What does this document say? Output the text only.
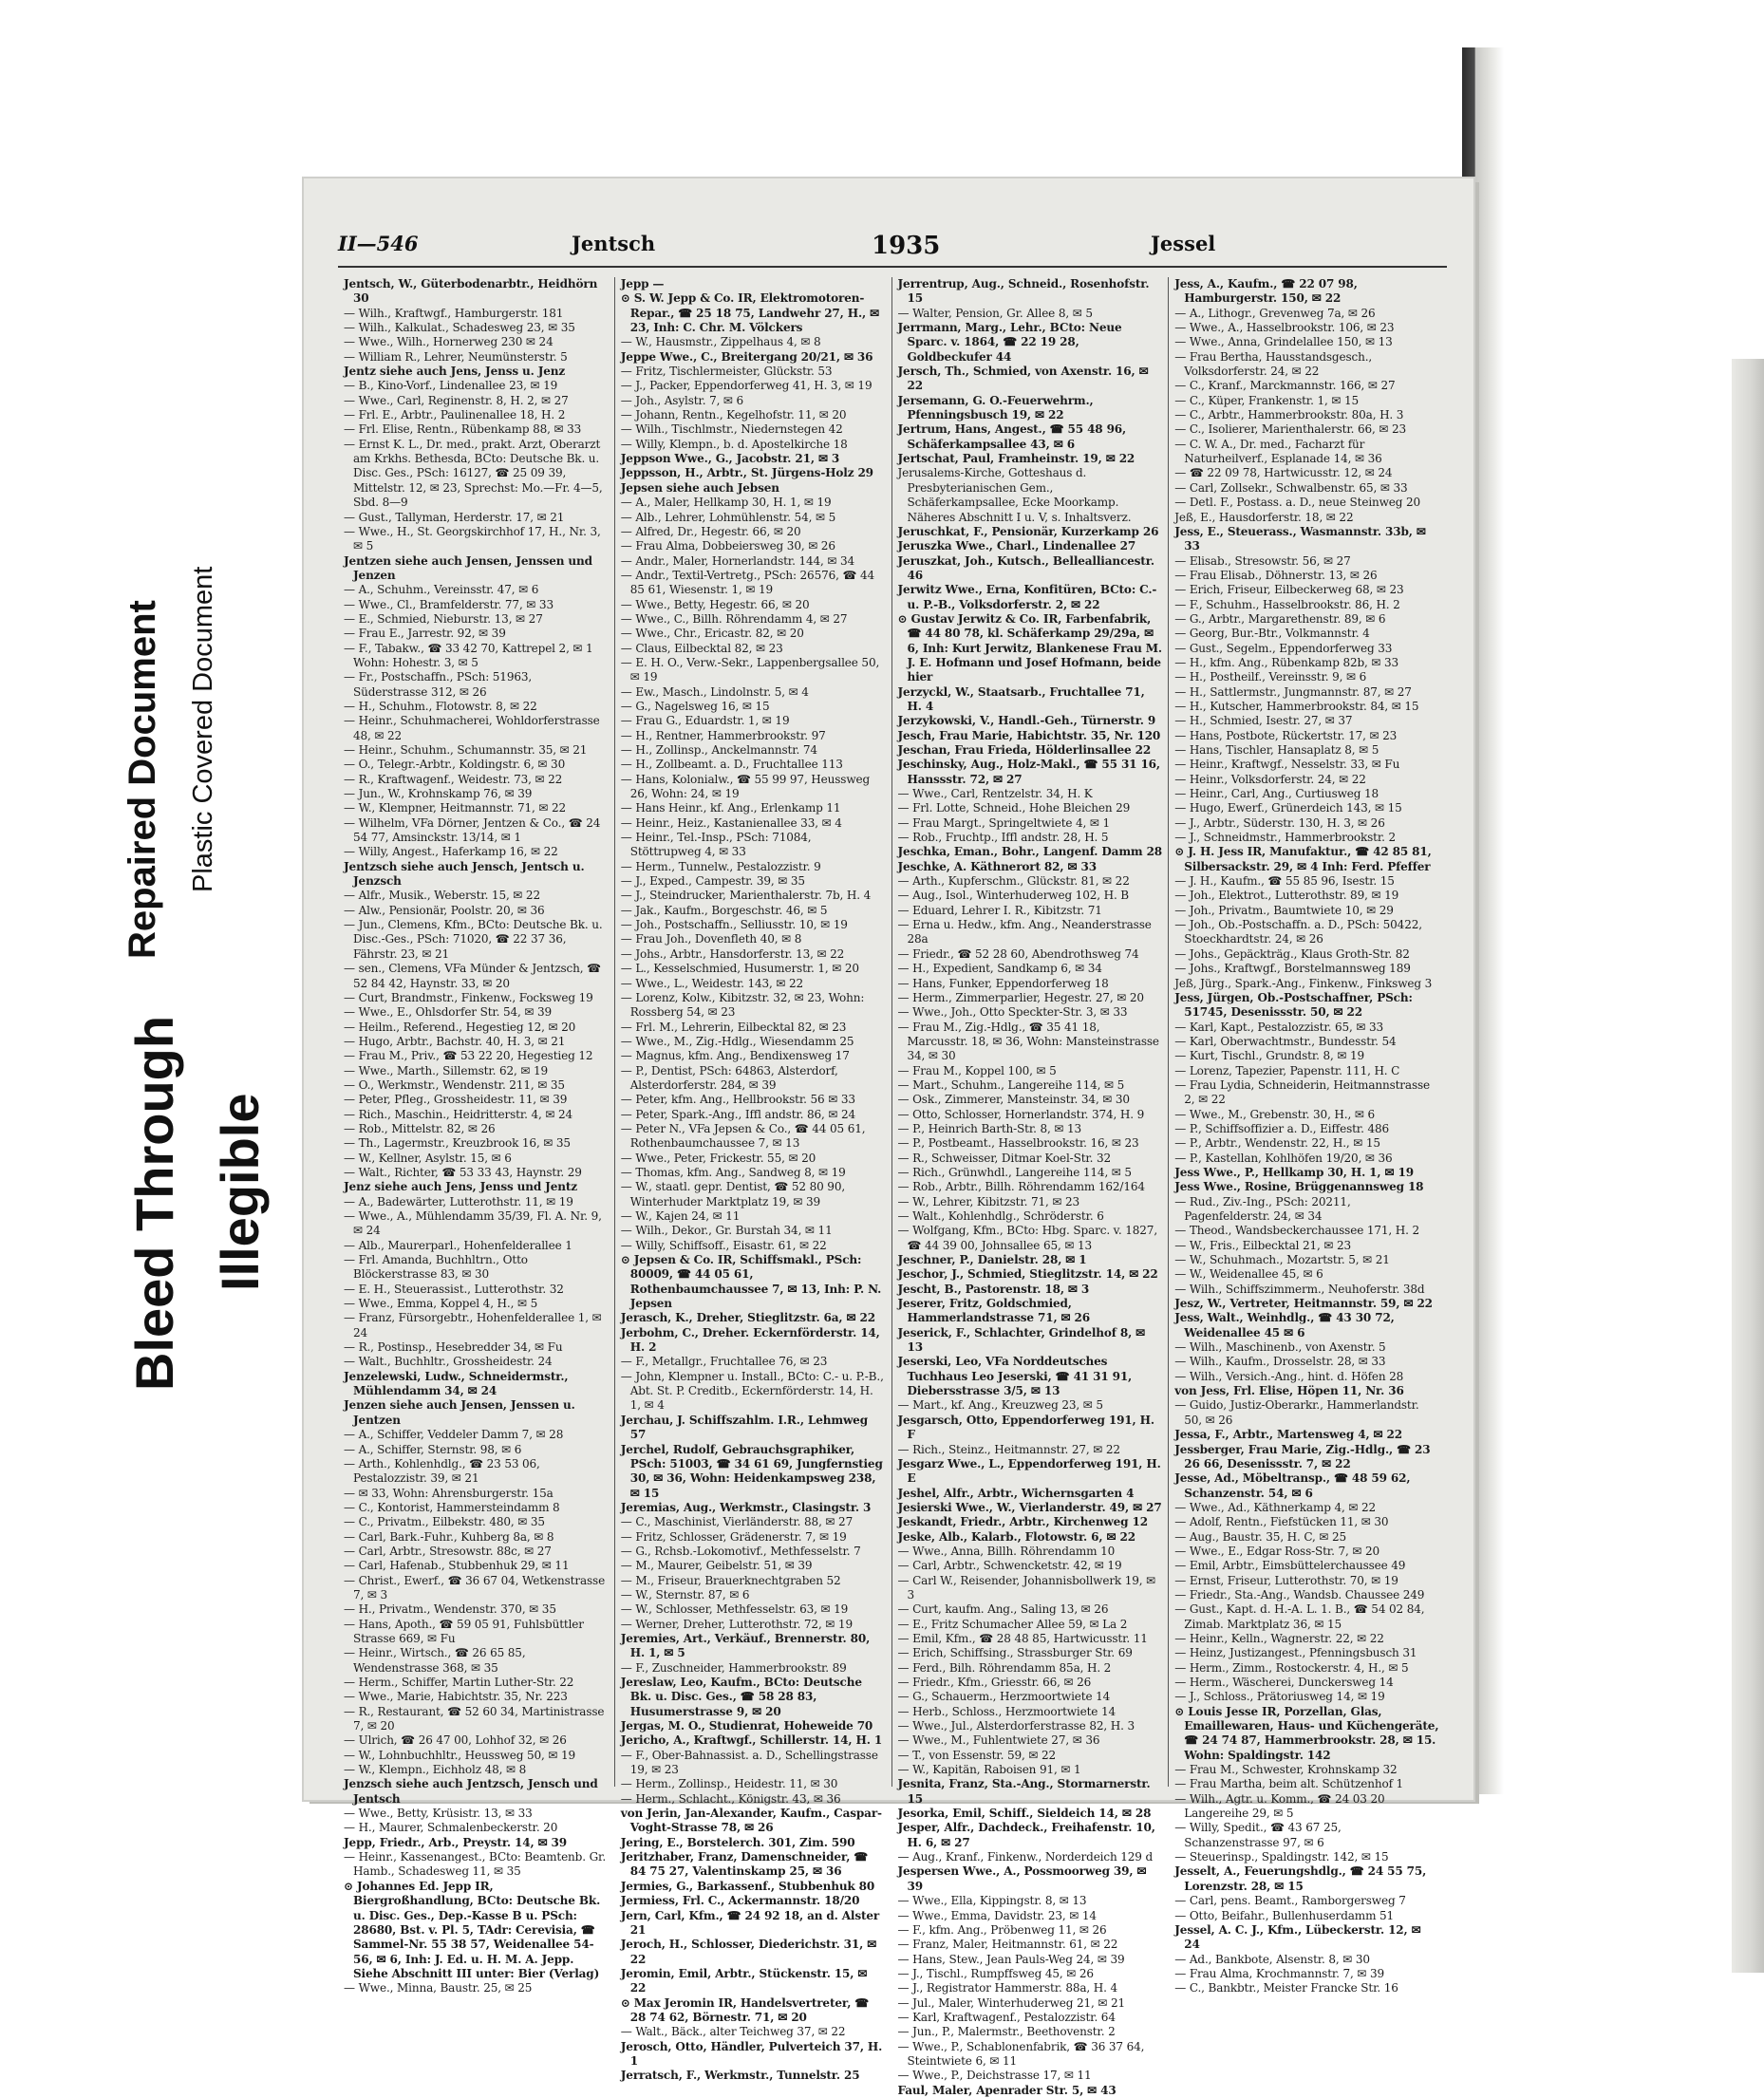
Bleed Through
Repaired Document Plastic Covered Document
Illegible
II—546	Jentsch	1935	Jessel
Jentsch, W., Güterbodenarbtr., Heidhörn 30
— Wilh., Kraftwgf., Hamburgerstr. 181
— Wilh., Kalkulat., Schadesweg 23, ✉ 35
— Wwe., Wilh., Hornerweg 230 ✉ 24
— William R., Lehrer, Neumünsterstr. 5
Jentz siehe auch Jens, Jenss u. Jenz
— B., Kino-Vorf., Lindenallee 23, ✉ 19
— Wwe., Carl, Reginenstr. 8, H. 2, ✉ 27
— Frl. E., Arbtr., Paulinenallee 18, H. 2
— Frl. Elise, Rentn., Rübenkamp 88, ✉ 33
— Ernst K. L., Dr. med., prakt. Arzt, Oberarzt am Krkhs. Bethesda, BCto: Deutsche Bk. u. Disc. Ges., PSch: 16127, ☎ 25 09 39, Mittelstr. 12, ✉ 23, Sprechst: Mo.—Fr. 4—5, Sbd. 8—9
— Gust., Tallyman, Herderstr. 17, ✉ 21
— Wwe., H., St. Georgskirchhof 17, H., Nr. 3, ✉ 5
Jentzen siehe auch Jensen, Jenssen und Jenzen
— A., Schuhm., Vereinsstr. 47, ✉ 6
— Wwe., Cl., Bramfelderstr. 77, ✉ 33
— E., Schmied, Nieburstr. 13, ✉ 27
— Frau E., Jarrestr. 92, ✉ 39
— F., Tabakw., ☎ 33 42 70, Kattrepel 2, ✉ 1 Wohn: Hohestr. 3, ✉ 5
— Fr., Postschaffn., PSch: 51963, Süderstrasse 312, ✉ 26
— H., Schuhm., Flotowstr. 8, ✉ 22
— Heinr., Schuhmacherei, Wohldorferstrasse 48, ✉ 22
— Heinr., Schuhm., Schumannstr. 35, ✉ 21
— O., Telegr.-Arbtr., Koldingstr. 6, ✉ 30
— R., Kraftwagenf., Weidestr. 73, ✉ 22
— Jun., W., Krohnskamp 76, ✉ 39
— W., Klempner, Heitmannstr. 71, ✉ 22
— Wilhelm, VFa Dörner, Jentzen & Co., ☎ 24 54 77, Amsinckstr. 13/14, ✉ 1
— Willy, Angest., Haferkamp 16, ✉ 22
Jentzsch siehe auch Jensch, Jentsch u. Jenzsch
— Alfr., Musik., Weberstr. 15, ✉ 22
— Alw., Pensionär, Poolstr. 20, ✉ 36
— Jun., Clemens, Kfm., BCto: Deutsche Bk. u. Disc.-Ges., PSch: 71020, ☎ 22 37 36, Fährstr. 23, ✉ 21
— sen., Clemens, VFa Münder & Jentzsch, ☎ 52 84 42, Haynstr. 33, ✉ 20
— Curt, Brandmstr., Finkenw., Focksweg 19
— Wwe., E., Ohlsdorfer Str. 54, ✉ 39
— Heilm., Referend., Hegestieg 12, ✉ 20
— Hugo, Arbtr., Bachstr. 40, H. 3, ✉ 21
— Frau M., Priv., ☎ 53 22 20, Hegestieg 12
— Wwe., Marth., Sillemstr. 62, ✉ 19
— O., Werkmstr., Wendenstr. 211, ✉ 35
— Peter, Pfleg., Grossheidestr. 11, ✉ 39
— Rich., Maschin., Heidritterstr. 4, ✉ 24
— Rob., Mittelstr. 82, ✉ 26
— Th., Lagermstr., Kreuzbrook 16, ✉ 35
— W., Kellner, Asylstr. 15, ✉ 6
— Walt., Richter, ☎ 53 33 43, Haynstr. 29
Jenz siehe auch Jens, Jenss und Jentz
— A., Badewärter, Lutterothstr. 11, ✉ 19
— Wwe., A., Mühlendamm 35/39, Fl. A. Nr. 9, ✉ 24
— Alb., Maurerparl., Hohenfelderallee 1
— Frl. Amanda, Buchhltrn., Otto Blöckerstrasse 83, ✉ 30
— E. H., Steuerassist., Lutterothstr. 32
— Wwe., Emma, Koppel 4, H., ✉ 5
— Franz, Fürsorgebtr., Hohenfelderallee 1, ✉ 24
— R., Postinsp., Hesebredder 34, ✉ Fu
— Walt., Buchhltr., Grossheidestr. 24
Jenzelewski, Ludw., Schneidermstr., Mühlendamm 34, ✉ 24
Jenzen siehe auch Jensen, Jenssen u. Jentzen
— A., Schiffer, Veddeler Damm 7, ✉ 28
— A., Schiffer, Sternstr. 98, ✉ 6
— Arth., Kohlenhdlg., ☎ 23 53 06, Pestalozzistr. 39, ✉ 21
— ✉ 33, Wohn: Ahrensburgerstr. 15a
— C., Kontorist, Hammersteindamm 8
— C., Privatm., Eilbekstr. 480, ✉ 35
— Carl, Bark.-Fuhr., Kuhberg 8a, ✉ 8
— Carl, Arbtr., Stresowstr. 88c, ✉ 27
— Carl, Hafenab., Stubbenhuk 29, ✉ 11
— Christ., Ewerf., ☎ 36 67 04, Wetkenstrasse 7, ✉ 3
— H., Privatm., Wendenstr. 370, ✉ 35
— Hans, Apoth., ☎ 59 05 91, Fuhlsbüttler Strasse 669, ✉ Fu
— Heinr., Wirtsch., ☎ 26 65 85, Wendenstrasse 368, ✉ 35
— Herm., Schiffer, Martin Luther-Str. 22
— Wwe., Marie, Habichtstr. 35, Nr. 223
— R., Restaurant, ☎ 52 60 34, Martinistrasse 7, ✉ 20
— Ulrich, ☎ 26 47 00, Lohhof 32, ✉ 26
— W., Lohnbuchhltr., Heussweg 50, ✉ 19
— W., Klempn., Eichholz 48, ✉ 8
Jenzsch siehe auch Jentzsch, Jensch und Jentsch
— Wwe., Betty, Krüsistr. 13, ✉ 33
— H., Maurer, Schmalenbeckerstr. 20
Jepp, Friedr., Arb., Preystr. 14, ✉ 39
— Heinr., Kassenangest., BCto: Beamtenb. Gr. Hamb., Schadesweg 11, ✉ 35
⊙ Johannes Ed. Jepp IR, Biergroßhandlung, BCto: Deutsche Bk. u. Disc. Ges., Dep.-Kasse B u. PSch: 28680, Bst. v. Pl. 5, TAdr: Cerevisia, ☎ Sammel-Nr. 55 38 57, Weidenallee 54-56, ✉ 6, Inh: J. Ed. u. H. M. A. Jepp. Siehe Abschnitt III unter: Bier (Verlag)
— Wwe., Minna, Baustr. 25, ✉ 25
Jepp —
⊙ S. W. Jepp & Co. IR, Elektromotoren-Repar., ☎ 25 18 75, Landwehr 27, H., ✉ 23, Inh: C. Chr. M. Völckers
— W., Hausmstr., Zippelhaus 4, ✉ 8
Jeppe Wwe., C., Breitergang 20/21, ✉ 36
— Fritz, Tischlermeister, Glückstr. 53
— J., Packer, Eppendorferweg 41, H. 3, ✉ 19
— Joh., Asylstr. 7, ✉ 6
— Johann, Rentn., Kegelhofstr. 11, ✉ 20
— Wilh., Tischlmstr., Niedernstegen 42
— Willy, Klempn., b. d. Apostelkirche 18
Jeppson Wwe., G., Jacobstr. 21, ✉ 3
Jeppsson, H., Arbtr., St. Jürgens-Holz 29
Jepsen siehe auch Jebsen
— A., Maler, Hellkamp 30, H. 1, ✉ 19
— Alb., Lehrer, Lohmühlenstr. 54, ✉ 5
— Alfred, Dr., Hegestr. 66, ✉ 20
— Frau Alma, Dobbeiersweg 30, ✉ 26
— Andr., Maler, Hornerlandstr. 144, ✉ 34
— Andr., Textil-Vertretg., PSch: 26576, ☎ 44 85 61, Wiesenstr. 1, ✉ 19
— Wwe., Betty, Hegestr. 66, ✉ 20
— Wwe., C., Billh. Röhrendamm 4, ✉ 27
— Wwe., Chr., Ericastr. 82, ✉ 20
— Claus, Eilbecktal 82, ✉ 23
— E. H. O., Verw.-Sekr., Lappenbergsallee 50, ✉ 19
— Ew., Masch., Lindolnstr. 5, ✉ 4
— G., Nagelsweg 16, ✉ 15
— Frau G., Eduardstr. 1, ✉ 19
— H., Rentner, Hammerbrookstr. 97
— H., Zollinsp., Anckelmannstr. 74
— H., Zollbeamt. a. D., Fruchtallee 113
— Hans, Kolonialw., ☎ 55 99 97, Heussweg 26, Wohn: 24, ✉ 19
— Hans Heinr., kf. Ang., Erlenkamp 11
— Heinr., Heiz., Kastanienallee 33, ✉ 4
— Heinr., Tel.-Insp., PSch: 71084, Stöttrupweg 4, ✉ 33
— Herm., Tunnelw., Pestalozzistr. 9
— J., Exped., Campestr. 39, ✉ 35
— J., Steindrucker, Marienthalerstr. 7b, H. 4
— Jak., Kaufm., Borgeschstr. 46, ✉ 5
— Joh., Postschaffn., Selliusstr. 10, ✉ 19
— Frau Joh., Dovenfleth 40, ✉ 8
— Johs., Arbtr., Hansdorferstr. 13, ✉ 22
— L., Kesselschmied, Husumerstr. 1, ✉ 20
— Wwe., L., Weidestr. 143, ✉ 22
— Lorenz, Kolw., Kibitzstr. 32, ✉ 23, Wohn: Rossberg 54, ✉ 23
— Frl. M., Lehrerin, Eilbecktal 82, ✉ 23
— Wwe., M., Zig.-Hdlg., Wiesendamm 25
— Magnus, kfm. Ang., Bendixensweg 17
— P., Dentist, PSch: 64863, Alsterdorf, Alsterdorferstr. 284, ✉ 39
— Peter, kfm. Ang., Hellbrookstr. 56 ✉ 33
— Peter, Spark.-Ang., Iffl andstr. 86, ✉ 24
— Peter N., VFa Jepsen & Co., ☎ 44 05 61, Rothenbaumchaussee 7, ✉ 13
— Wwe., Peter, Frickestr. 55, ✉ 20
— Thomas, kfm. Ang., Sandweg 8, ✉ 19
— W., staatl. gepr. Dentist, ☎ 52 80 90, Winterhuder Marktplatz 19, ✉ 39
— W., Kajen 24, ✉ 11
— Wilh., Dekor., Gr. Burstah 34, ✉ 11
— Willy, Schiffsoff., Eisastr. 61, ✉ 22
⊙ Jepsen & Co. IR, Schiffsmakl., PSch: 80009, ☎ 44 05 61, Rothenbaumchaussee 7, ✉ 13, Inh: P. N. Jepsen
Jerasch, K., Dreher, Stieglitzstr. 6a, ✉ 22
Jerbohm, C., Dreher. Eckernförderstr. 14, H. 2
— F., Metallgr., Fruchtallee 76, ✉ 23
— John, Klempner u. Install., BCto: C.- u. P.-B., Abt. St. P. Creditb., Eckernförderstr. 14, H. 1, ✉ 4
Jerchau, J. Schiffszahlm. I.R., Lehmweg 57
Jerchel, Rudolf, Gebrauchsgraphiker, PSch: 51003, ☎ 34 61 69, Jungfernstieg 30, ✉ 36, Wohn: Heidenkampsweg 238, ✉ 15
Jeremias, Aug., Werkmstr., Clasingstr. 3
— C., Maschinist, Vierländerstr. 88, ✉ 27
— Fritz, Schlosser, Grädenerstr. 7, ✉ 19
— G., Rchsb.-Lokomotivf., Methfesselstr. 7
— M., Maurer, Geibelstr. 51, ✉ 39
— M., Friseur, Brauerknechtgraben 52
— W., Sternstr. 87, ✉ 6
— W., Schlosser, Methfesselstr. 63, ✉ 19
— Werner, Dreher, Lutterothstr. 72, ✉ 19
Jeremies, Art., Verkäuf., Brennerstr. 80, H. 1, ✉ 5
— F., Zuschneider, Hammerbrookstr. 89
Jereslaw, Leo, Kaufm., BCto: Deutsche Bk. u. Disc. Ges., ☎ 58 28 83, Husumerstrasse 9, ✉ 20
Jergas, M. O., Studienrat, Hoheweide 70
Jericho, A., Kraftwgf., Schillerstr. 14, H. 1
— F., Ober-Bahnassist. a. D., Schellingstrasse 19, ✉ 23
— Herm., Zollinsp., Heidestr. 11, ✉ 30
— Herm., Schlacht., Königstr. 43, ✉ 36
von Jerin, Jan-Alexander, Kaufm., Caspar-Voght-Strasse 78, ✉ 26
Jering, E., Borstelerch. 301, Zim. 590
Jeritzhaber, Franz, Damenschneider, ☎ 84 75 27, Valentinskamp 25, ✉ 36
Jermies, G., Barkassenf., Stubbenhuk 80
Jermiess, Frl. C., Ackermannstr. 18/20
Jern, Carl, Kfm., ☎ 24 92 18, an d. Alster 21
Jeroch, H., Schlosser, Diederichstr. 31, ✉ 22
Jeromin, Emil, Arbtr., Stückenstr. 15, ✉ 22
⊙ Max Jeromin IR, Handelsvertreter, ☎ 28 74 62, Börnestr. 71, ✉ 20
— Walt., Bäck., alter Teichweg 37, ✉ 22
Jerosch, Otto, Händler, Pulverteich 37, H. 1
Jerratsch, F., Werkmstr., Tunnelstr. 25
Jerrentrup, Aug., Schneid., Rosenhofstr. 15
— Walter, Pension, Gr. Allee 8, ✉ 5
Jerrmann, Marg., Lehr., BCto: Neue Sparc. v. 1864, ☎ 22 19 28, Goldbeckufer 44
Jersch, Th., Schmied, von Axenstr. 16, ✉ 22
Jersemann, G. O.-Feuerwehrm., Pfenningsbusch 19, ✉ 22
Jertrum, Hans, Angest., ☎ 55 48 96, Schäferkampsallee 43, ✉ 6
Jertschat, Paul, Framheinstr. 19, ✉ 22
Jerusalems-Kirche, Gotteshaus d. Presbyterianischen Gem., Schäferkampsallee, Ecke Moorkamp. Näheres Abschnitt I u. V, s. Inhaltsverz.
Jeruschkat, F., Pensionär, Kurzerkamp 26
Jeruszka Wwe., Charl., Lindenallee 27
Jeruszkat, Joh., Kutsch., Bellealliancestr. 46
Jerwitz Wwe., Erna, Konfitüren, BCto: C.- u. P.-B., Volksdorferstr. 2, ✉ 22
⊙ Gustav Jerwitz & Co. IR, Farbenfabrik, ☎ 44 80 78, kl. Schäferkamp 29/29a, ✉ 6, Inh: Kurt Jerwitz, Blankenese Frau M. J. E. Hofmann und Josef Hofmann, beide hier
Jerzyckl, W., Staatsarb., Fruchtallee 71, H. 4
Jerzykowski, V., Handl.-Geh., Türnerstr. 9
Jesch, Frau Marie, Habichtstr. 35, Nr. 120
Jeschan, Frau Frieda, Hölderlinsallee 22
Jeschinsky, Aug., Holz-Makl., ☎ 55 31 16, Hanssstr. 72, ✉ 27
— Wwe., Carl, Rentzelstr. 34, H. K
— Frl. Lotte, Schneid., Hohe Bleichen 29
— Frau Margt., Springeltwiete 4, ✉ 1
— Rob., Fruchtp., Iffl andstr. 28, H. 5
Jeschka, Eman., Bohr., Langenf. Damm 28
Jeschke, A. Käthnerort 82, ✉ 33
— Arth., Kupferschm., Glückstr. 81, ✉ 22
— Aug., Isol., Winterhuderweg 102, H. B
— Eduard, Lehrer I. R., Kibitzstr. 71
— Erna u. Hedw., kfm. Ang., Neanderstrasse 28a
— Friedr., ☎ 52 28 60, Abendrothsweg 74
— H., Expedient, Sandkamp 6, ✉ 34
— Hans, Funker, Eppendorferweg 18
— Herm., Zimmerparlier, Hegestr. 27, ✉ 20
— Wwe., Joh., Otto Speckter-Str. 3, ✉ 33
— Frau M., Zig.-Hdlg., ☎ 35 41 18, Marcusstr. 18, ✉ 36, Wohn: Mansteinstrasse 34, ✉ 30
— Frau M., Koppel 100, ✉ 5
— Mart., Schuhm., Langereihe 114, ✉ 5
— Osk., Zimmerer, Mansteinstr. 34, ✉ 30
— Otto, Schlosser, Hornerlandstr. 374, H. 9
— P., Heinrich Barth-Str. 8, ✉ 13
— P., Postbeamt., Hasselbrookstr. 16, ✉ 23
— R., Schweisser, Ditmar Koel-Str. 32
— Rich., Grünwhdl., Langereihe 114, ✉ 5
— Rob., Arbtr., Billh. Röhrendamm 162/164
— W., Lehrer, Kibitzstr. 71, ✉ 23
— Walt., Kohlenhdlg., Schröderstr. 6
— Wolfgang, Kfm., BCto: Hbg. Sparc. v. 1827, ☎ 44 39 00, Johnsallee 65, ✉ 13
Jeschner, P., Danielstr. 28, ✉ 1
Jeschor, J., Schmied, Stieglitzstr. 14, ✉ 22
Jescht, B., Pastorenstr. 18, ✉ 3
Jeserer, Fritz, Goldschmied, Hammerlandstrasse 71, ✉ 26
Jeserick, F., Schlachter, Grindelhof 8, ✉ 13
Jeserski, Leo, VFa Norddeutsches Tuchhaus Leo Jeserski, ☎ 41 31 91, Diebersstrasse 3/5, ✉ 13
— Mart., kf. Ang., Kreuzweg 23, ✉ 5
Jesgarsch, Otto, Eppendorferweg 191, H. F
— Rich., Steinz., Heitmannstr. 27, ✉ 22
Jesgarz Wwe., L., Eppendorferweg 191, H. E
Jeshel, Alfr., Arbtr., Wichernsgarten 4
Jesierski Wwe., W., Vierlanderstr. 49, ✉ 27
Jeskandt, Friedr., Arbtr., Kirchenweg 12
Jeske, Alb., Kalarb., Flotowstr. 6, ✉ 22
— Wwe., Anna, Billh. Röhrendamm 10
— Carl, Arbtr., Schwencketstr. 42, ✉ 19
— Carl W., Reisender, Johannisbollwerk 19, ✉ 3
— Curt, kaufm. Ang., Saling 13, ✉ 26
— E., Fritz Schumacher Allee 59, ✉ La 2
— Emil, Kfm., ☎ 28 48 85, Hartwicusstr. 11
— Erich, Schiffsing., Strassburger Str. 69
— Ferd., Bilh. Röhrendamm 85a, H. 2
— Friedr., Kfm., Griesstr. 66, ✉ 26
— G., Schauerm., Herzmoortwiete 14
— Herb., Schloss., Herzmoortwiete 14
— Wwe., Jul., Alsterdorferstrasse 82, H. 3
— Wwe., M., Fuhlentwiete 27, ✉ 36
— T., von Essenstr. 59, ✉ 22
— W., Kapitän, Raboisen 91, ✉ 1
Jesnita, Franz, Sta.-Ang., Stormarnerstr. 15
Jesorka, Emil, Schiff., Sieldeich 14, ✉ 28
Jesper, Alfr., Dachdeck., Freihafenstr. 10, H. 6, ✉ 27
— Aug., Kranf., Finkenw., Norderdeich 129 d
Jespersen Wwe., A., Possmoorweg 39, ✉ 39
— Wwe., Ella, Kippingstr. 8, ✉ 13
— Wwe., Emma, Davidstr. 23, ✉ 14
— F., kfm. Ang., Pröbenweg 11, ✉ 26
— Franz, Maler, Heitmannstr. 61, ✉ 22
— Hans, Stew., Jean Pauls-Weg 24, ✉ 39
— J., Tischl., Rumpffsweg 45, ✉ 26
— J., Registrator Hammerstr. 88a, H. 4
— Jul., Maler, Winterhuderweg 21, ✉ 21
— Karl, Kraftwagenf., Pestalozzistr. 64
— Jun., P., Malermstr., Beethovenstr. 2
— Wwe., P., Schablonenfabrik, ☎ 36 37 64, Steintwiete 6, ✉ 11
— Wwe., P., Deichstrasse 17, ✉ 11
Faul, Maler, Apenrader Str. 5, ✉ 43
Jess, A., Kaufm., ☎ 22 07 98, Hamburgerstr. 150, ✉ 22
— A., Lithogr., Grevenweg 7a, ✉ 26
— Wwe., A., Hasselbrookstr. 106, ✉ 23
— Wwe., Anna, Grindelallee 150, ✉ 13
— Frau Bertha, Hausstandsgesch., Volksdorferstr. 24, ✉ 22
— C., Kranf., Marckmannstr. 166, ✉ 27
— C., Küper, Frankenstr. 1, ✉ 15
— C., Arbtr., Hammerbrookstr. 80a, H. 3
— C., Isolierer, Marienthalerstr. 66, ✉ 23
— C. W. A., Dr. med., Facharzt für Naturheilverf., Esplanade 14, ✉ 36
— ☎ 22 09 78, Hartwicusstr. 12, ✉ 24
— Carl, Zollsekr., Schwalbenstr. 65, ✉ 33
— Detl. F., Postass. a. D., neue Steinweg 20
Jeß, E., Hausdorferstr. 18, ✉ 22
Jess, E., Steuerass., Wasmannstr. 33b, ✉ 33
— Elisab., Stresowstr. 56, ✉ 27
— Frau Elisab., Döhnerstr. 13, ✉ 26
— Erich, Friseur, Eilbeckerweg 68, ✉ 23
— F., Schuhm., Hasselbrookstr. 86, H. 2
— G., Arbtr., Margarethenstr. 89, ✉ 6
— Georg, Bur.-Btr., Volkmannstr. 4
— Gust., Segelm., Eppendorferweg 33
— H., kfm. Ang., Rübenkamp 82b, ✉ 33
— H., Postheilf., Vereinsstr. 9, ✉ 6
— H., Sattlermstr., Jungmannstr. 87, ✉ 27
— H., Kutscher, Hammerbrookstr. 84, ✉ 15
— H., Schmied, Isestr. 27, ✉ 37
— Hans, Postbote, Rückertstr. 17, ✉ 23
— Hans, Tischler, Hansaplatz 8, ✉ 5
— Heinr., Kraftwgf., Nesselstr. 33, ✉ Fu
— Heinr., Volksdorferstr. 24, ✉ 22
— Heinr., Carl, Ang., Curtiusweg 18
— Hugo, Ewerf., Grünerdeich 143, ✉ 15
— J., Arbtr., Süderstr. 130, H. 3, ✉ 26
— J., Schneidmstr., Hammerbrookstr. 2
⊙ J. H. Jess IR, Manufaktur., ☎ 42 85 81, Silbersackstr. 29, ✉ 4 Inh: Ferd. Pfeffer
— J. H., Kaufm., ☎ 55 85 96, Isestr. 15
— Joh., Elektrot., Lutterothstr. 89, ✉ 19
— Joh., Privatm., Baumtwiete 10, ✉ 29
— Joh., Ob.-Postschaffn. a. D., PSch: 50422, Stoeckhardtstr. 24, ✉ 26
— Johs., Gepäckträg., Klaus Groth-Str. 82
— Johs., Kraftwgf., Borstelmannsweg 189
Jeß, Jürg., Spark.-Ang., Finkenw., Finksweg 3
Jess, Jürgen, Ob.-Postschaffner, PSch: 51745, Desenissstr. 50, ✉ 22
— Karl, Kapt., Pestalozzistr. 65, ✉ 33
— Karl, Oberwachtmstr., Bundesstr. 54
— Kurt, Tischl., Grundstr. 8, ✉ 19
— Lorenz, Tapezier, Papenstr. 111, H. C
— Frau Lydia, Schneiderin, Heitmannstrasse 2, ✉ 22
— Wwe., M., Grebenstr. 30, H., ✉ 6
— P., Schiffsoffizier a. D., Eiffestr. 486
— P., Arbtr., Wendenstr. 22, H., ✉ 15
— P., Kastellan, Kohlhöfen 19/20, ✉ 36
Jess Wwe., P., Hellkamp 30, H. 1, ✉ 19
Jess Wwe., Rosine, Brüggenannsweg 18
— Rud., Ziv.-Ing., PSch: 20211, Pagenfelderstr. 24, ✉ 34
— Theod., Wandsbeckerchaussee 171, H. 2
— W., Fris., Eilbecktal 21, ✉ 23
— W., Schuhmach., Mozartstr. 5, ✉ 21
— W., Weidenallee 45, ✉ 6
— Wilh., Schiffszimmerm., Neuhoferstr. 38d
Jesz, W., Vertreter, Heitmannstr. 59, ✉ 22
Jess, Walt., Weinhdlg., ☎ 43 30 72, Weidenallee 45 ✉ 6
— Wilh., Maschinenb., von Axenstr. 5
— Wilh., Kaufm., Drosselstr. 28, ✉ 33
— Wilh., Versich.-Ang., hint. d. Höfen 28
von Jess, Frl. Elise, Höpen 11, Nr. 36
— Guido, Justiz-Oberarkr., Hammerlandstr. 50, ✉ 26
Jessa, F., Arbtr., Martensweg 4, ✉ 22
Jessberger, Frau Marie, Zig.-Hdlg., ☎ 23 26 66, Desenissstr. 7, ✉ 22
Jesse, Ad., Möbeltransp., ☎ 48 59 62, Schanzenstr. 54, ✉ 6
— Wwe., Ad., Käthnerkamp 4, ✉ 22
— Adolf, Rentn., Fiefstücken 11, ✉ 30
— Aug., Baustr. 35, H. C, ✉ 25
— Wwe., E., Edgar Ross-Str. 7, ✉ 20
— Emil, Arbtr., Eimsbüttelerchaussee 49
— Ernst, Friseur, Lutterothstr. 70, ✉ 19
— Friedr., Sta.-Ang., Wandsb. Chaussee 249
— Gust., Kapt. d. H.-A. L. 1. B., ☎ 54 02 84, Zimab. Marktplatz 36, ✉ 15
— Heinr., Kelln., Wagnerstr. 22, ✉ 22
— Heinz, Justizangest., Pfenningsbusch 31
— Herm., Zimm., Rostockerstr. 4, H., ✉ 5
— Herm., Wäscherei, Dunckersweg 14
— J., Schloss., Prätoriusweg 14, ✉ 19
⊙ Louis Jesse IR, Porzellan, Glas, Emaillewaren, Haus- und Küchengeräte, ☎ 24 74 87, Hammerbrookstr. 28, ✉ 15. Wohn: Spaldingstr. 142
— Frau M., Schwester, Krohnskamp 32
— Frau Martha, beim alt. Schützenhof 1
— Wilh., Agtr. u. Komm., ☎ 24 03 20 Langereihe 29, ✉ 5
— Willy, Spedit., ☎ 43 67 25, Schanzenstrasse 97, ✉ 6
— Steuerinsp., Spaldingstr. 142, ✉ 15
Jesselt, A., Feuerungshdlg., ☎ 24 55 75, Lorenzstr. 28, ✉ 15
— Carl, pens. Beamt., Ramborgersweg 7
— Otto, Beifahr., Bullenhuserdamm 51
Jessel, A. C. J., Kfm., Lübeckerstr. 12, ✉ 24
— Ad., Bankbote, Alsenstr. 8, ✉ 30
— Frau Alma, Krochmannstr. 7, ✉ 39
— C., Bankbtr., Meister Francke Str. 16
